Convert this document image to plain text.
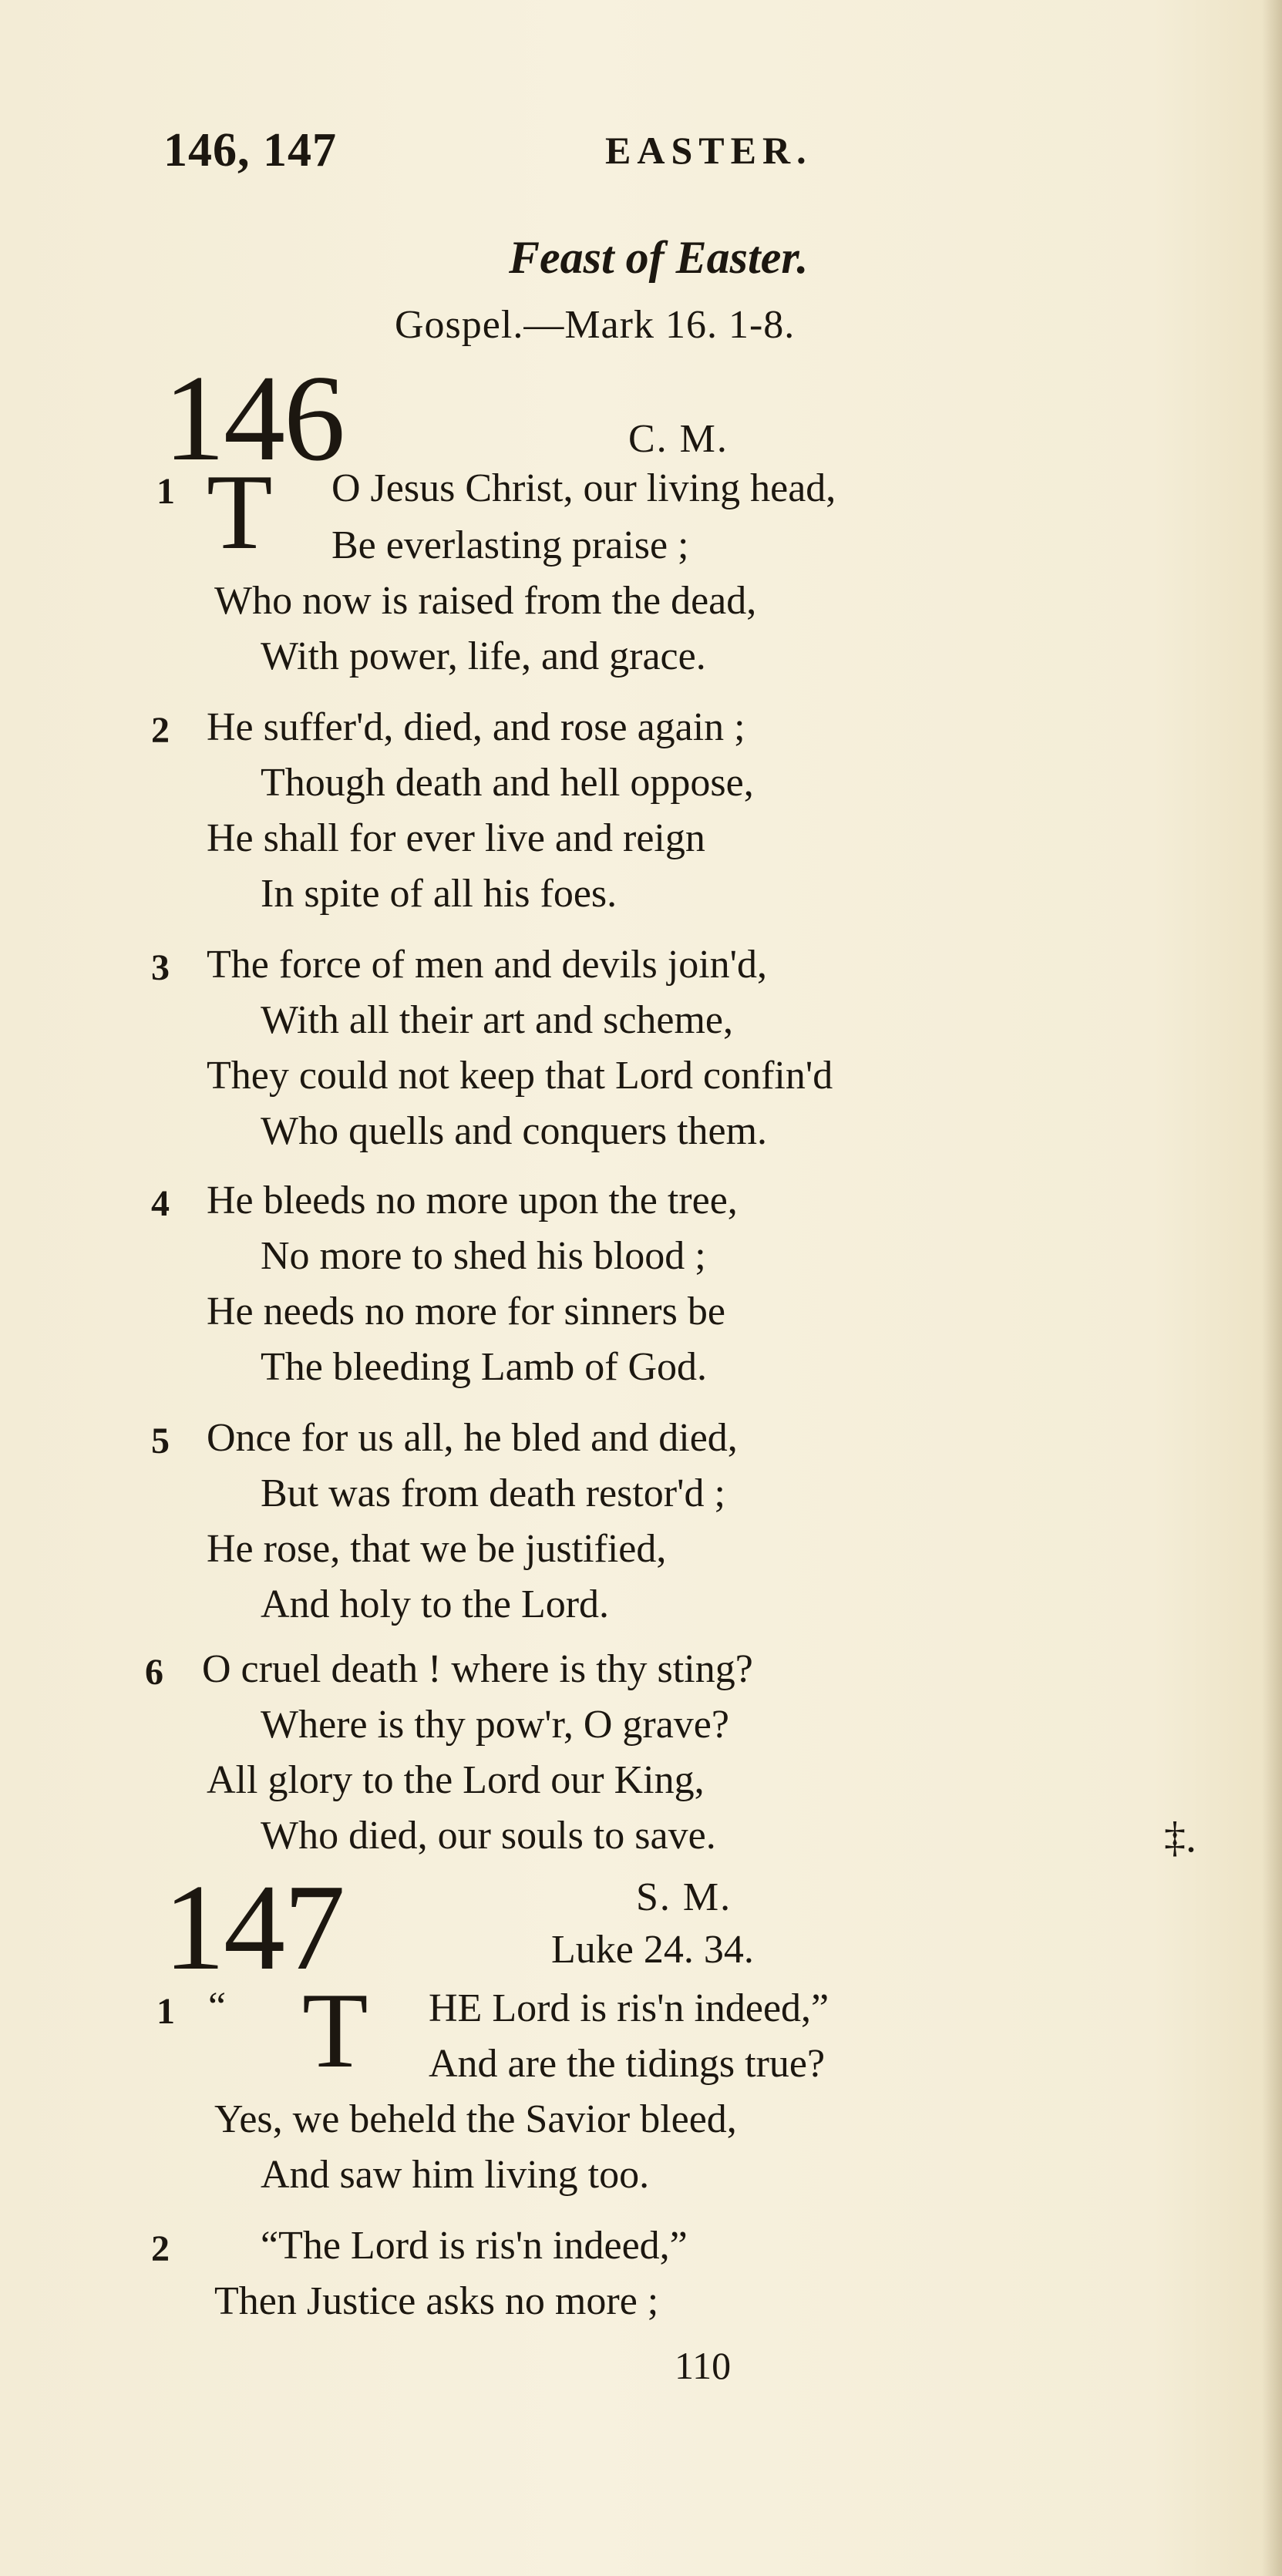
146, 147	EASTER.
Feast of Easter.
Gospel.—Mark 16. 1-8.
146	C. M.
1 T O Jesus Christ, our living head,
Be everlasting praise ;
Who now is raised from the dead,
With power, life, and grace.
2 He suffer'd, died, and rose again ;
Though death and hell oppose,
He shall for ever live and reign
In spite of all his foes.
3 The force of men and devils join'd,
With all their art and scheme,
They could not keep that Lord confin'd
Who quells and conquers them.
4 He bleeds no more upon the tree,
No more to shed his blood ;
He needs no more for sinners be
The bleeding Lamb of God.
5 Once for us all, he bled and died,
But was from death restor'd ;
He rose, that we be justified,
And holy to the Lord.
6 O cruel death ! where is thy sting?
Where is thy pow'r, O grave?
All glory to the Lord our King,
Who died, our souls to save.	‡.
147	S. M.
Luke 24. 34.
1 “ T HE Lord is ris'n indeed,”
And are the tidings true?
Yes, we beheld the Savior bleed,
And saw him living too.
2 “The Lord is ris'n indeed,”
Then Justice asks no more ;
110
